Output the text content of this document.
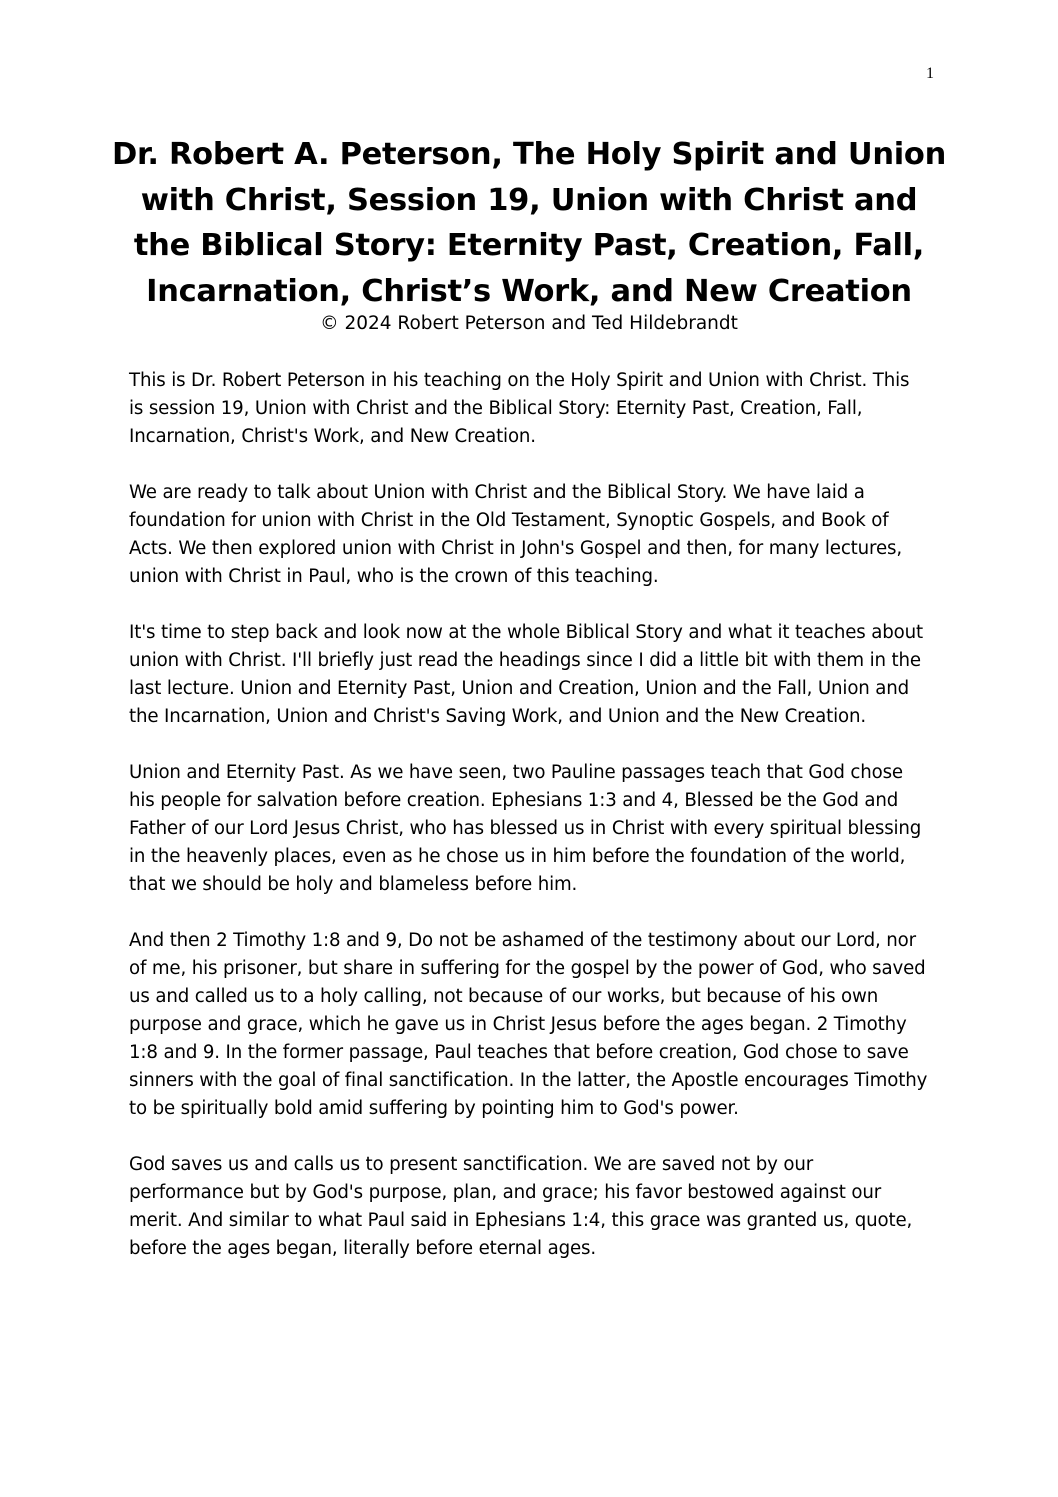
1
Dr. Robert A. Peterson, The Holy Spirit and Union with Christ, Session 19, Union with Christ and the Biblical Story: Eternity Past, Creation, Fall, Incarnation, Christ’s Work, and New Creation
© 2024 Robert Peterson and Ted Hildebrandt

This is Dr. Robert Peterson in his teaching on the Holy Spirit and Union with Christ. This is session 19, Union with Christ and the Biblical Story: Eternity Past, Creation, Fall, Incarnation, Christ's Work, and New Creation.

We are ready to talk about Union with Christ and the Biblical Story. We have laid a foundation for union with Christ in the Old Testament, Synoptic Gospels, and Book of Acts. We then explored union with Christ in John's Gospel and then, for many lectures, union with Christ in Paul, who is the crown of this teaching.

It's time to step back and look now at the whole Biblical Story and what it teaches about union with Christ. I'll briefly just read the headings since I did a little bit with them in the last lecture. Union and Eternity Past, Union and Creation, Union and the Fall, Union and the Incarnation, Union and Christ's Saving Work, and Union and the New Creation.

Union and Eternity Past. As we have seen, two Pauline passages teach that God chose his people for salvation before creation. Ephesians 1:3 and 4, Blessed be the God and Father of our Lord Jesus Christ, who has blessed us in Christ with every spiritual blessing in the heavenly places, even as he chose us in him before the foundation of the world, that we should be holy and blameless before him.

And then 2 Timothy 1:8 and 9, Do not be ashamed of the testimony about our Lord, nor of me, his prisoner, but share in suffering for the gospel by the power of God, who saved us and called us to a holy calling, not because of our works, but because of his own purpose and grace, which he gave us in Christ Jesus before the ages began. 2 Timothy 1:8 and 9. In the former passage, Paul teaches that before creation, God chose to save sinners with the goal of final sanctification. In the latter, the Apostle encourages Timothy to be spiritually bold amid suffering by pointing him to God's power.

God saves us and calls us to present sanctification. We are saved not by our performance but by God's purpose, plan, and grace; his favor bestowed against our merit. And similar to what Paul said in Ephesians 1:4, this grace was granted us, quote, before the ages began, literally before eternal ages.
